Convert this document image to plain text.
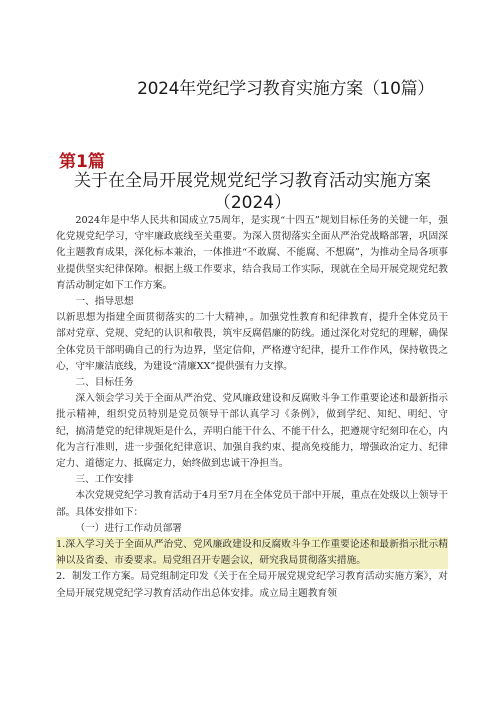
2024年党纪学习教育实施方案（10篇）
第1篇
关于在全局开展党规党纪学习教育活动实施方案（2024）

2024年是中华人民共和国成立75周年，是实现“十四五”规划目标任务的关键一年，强化党规党纪学习，守牢廉政底线至关重要。为深入贯彻落实全面从严治党战略部署，巩固深化主题教育成果，深化标本兼治，一体推进“不敢腐、不能腐、不想腐”，为推动全局各项事业提供坚实纪律保障。根据上级工作要求，结合我局工作实际，现就在全局开展党规党纪教育活动制定如下工作方案。

一、指导思想

以新思想为指建全面贯彻落实的二十大精神，。加强党性教育和纪律教育，提升全体党员干部对党章、党规、党纪的认识和敬畏，筑牢反腐倡廉的防线。通过深化对党纪的理解，确保全体党员干部明确自己的行为边界，坚定信仰，严格遵守纪律，提升工作作风，保持敬畏之心，守牢廉洁底线，为建设“清廉XX”提供强有力支撑。

二、目标任务

深入领会学习关于全面从严治党、党风廉政建设和反腐败斗争工作重要论述和最新指示批示精神，组织党员特别是党员领导干部认真学习《条例》，做到学纪、知纪、明纪、守纪，搞清楚党的纪律规矩是什么，弄明白能干什么、不能干什么，把遵规守纪刻印在心，内化为言行准则，进一步强化纪律意识、加强自我约束、提高免疫能力，增强政治定力、纪律定力、道德定力、抵腐定力，始终做到忠诚干净担当。

三、工作安排

本次党规党纪学习教育活动于4月至7月在全体党员干部中开展，重点在处级以上领导干部。具体安排如下：

（一）进行工作动员部署

1.深入学习关于全面从严治党、党风廉政建设和反腐败斗争工作重要论述和最新指示批示精神以及省委、市委要求。局党组召开专题会议，研究我局贯彻落实措施。

2．制发工作方案。局党组制定印发《关于在全局开展党规党纪学习教育活动实施方案》，对全局开展党规党纪学习教育活动作出总体安排。成立局主题教育领
